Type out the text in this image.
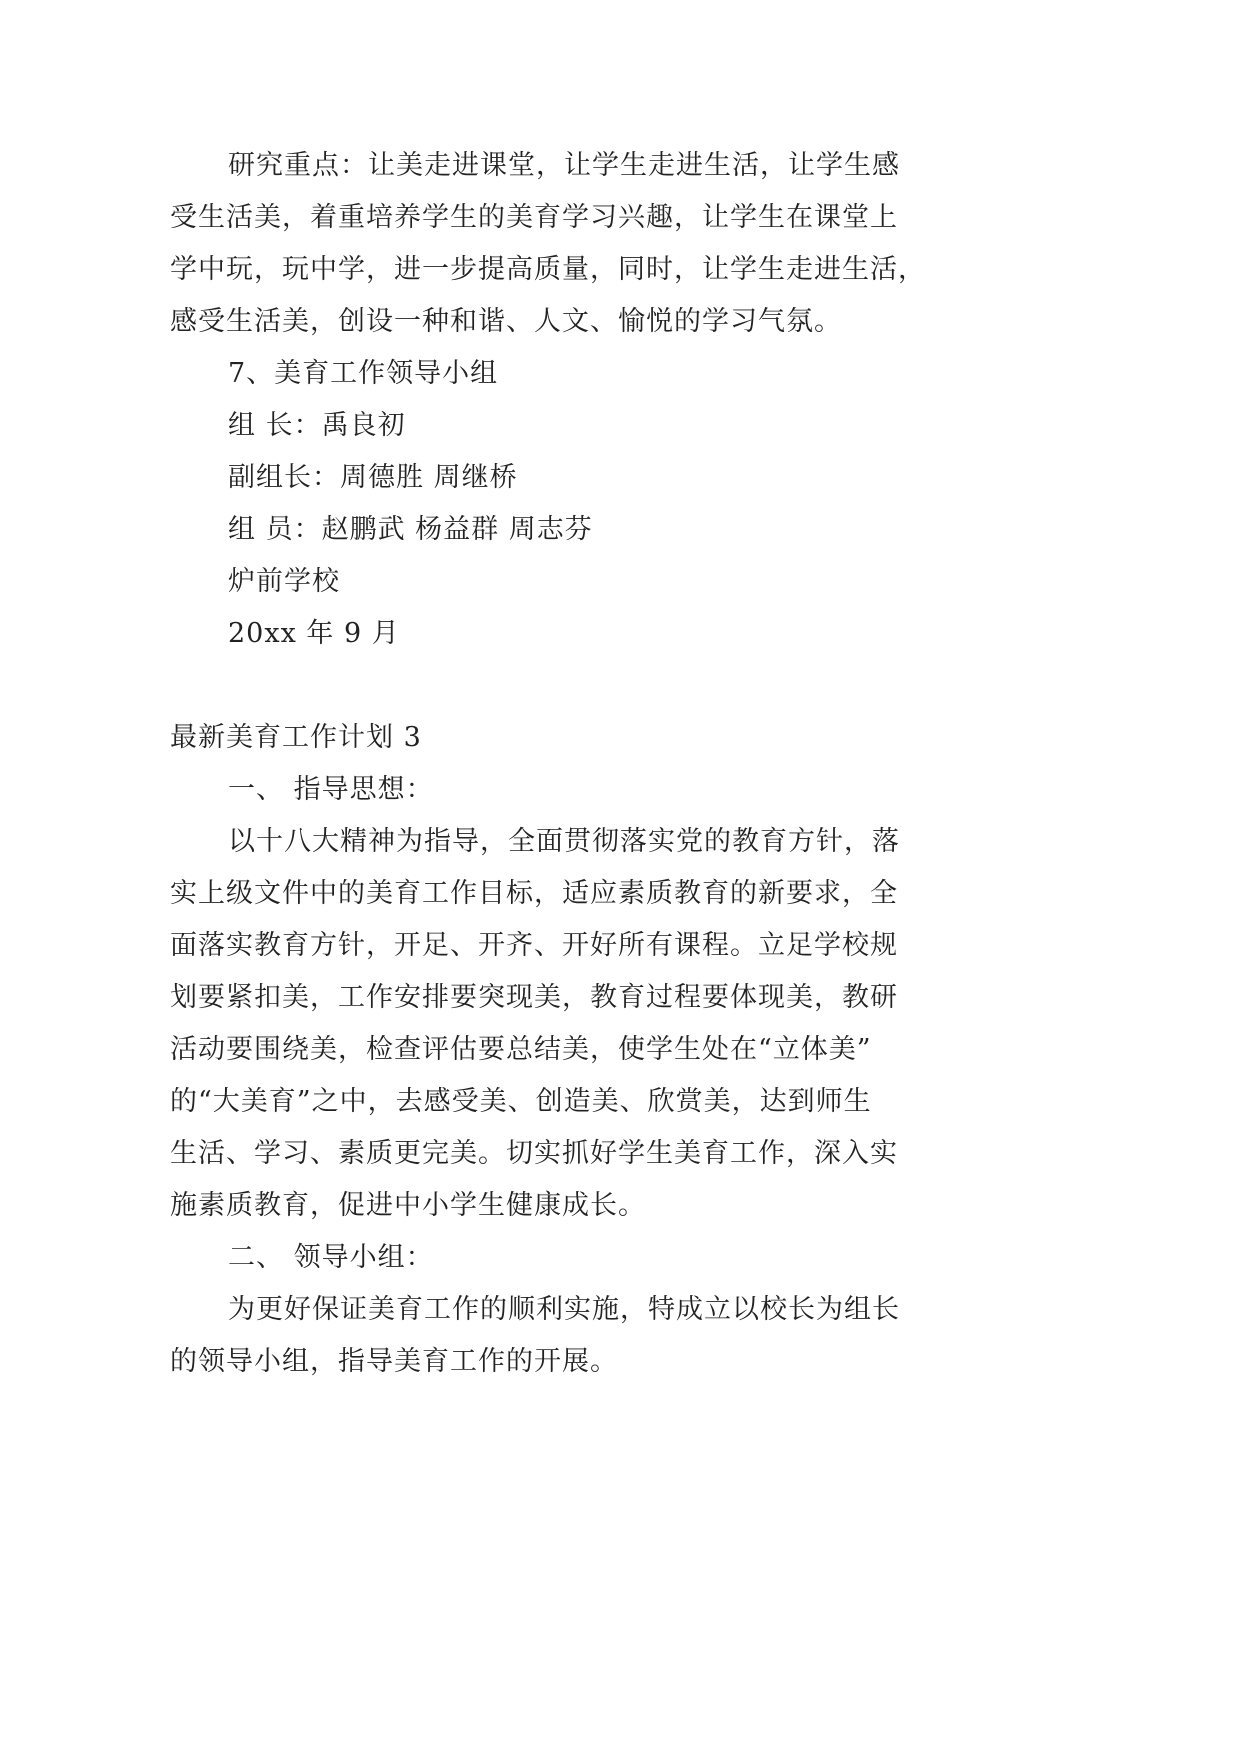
研究重点：让美走进课堂，让学生走进生活，让学生感
受生活美，着重培养学生的美育学习兴趣，让学生在课堂上
学中玩，玩中学，进一步提高质量，同时，让学生走进生活，
感受生活美，创设一种和谐、人文、愉悦的学习气氛。
7、美育工作领导小组
组 长：禹良初
副组长：周德胜 周继桥
组 员：赵鹏武 杨益群 周志芬
炉前学校
20xx 年 9 月
最新美育工作计划 3
一、 指导思想：
以十八大精神为指导，全面贯彻落实党的教育方针，落
实上级文件中的美育工作目标，适应素质教育的新要求，全
面落实教育方针，开足、开齐、开好所有课程。立足学校规
划要紧扣美，工作安排要突现美，教育过程要体现美，教研
活动要围绕美，检查评估要总结美，使学生处在“立体美”
的“大美育”之中，去感受美、创造美、欣赏美，达到师生
生活、学习、素质更完美。切实抓好学生美育工作，深入实
施素质教育，促进中小学生健康成长。
二、 领导小组：
为更好保证美育工作的顺利实施，特成立以校长为组长
的领导小组，指导美育工作的开展。
